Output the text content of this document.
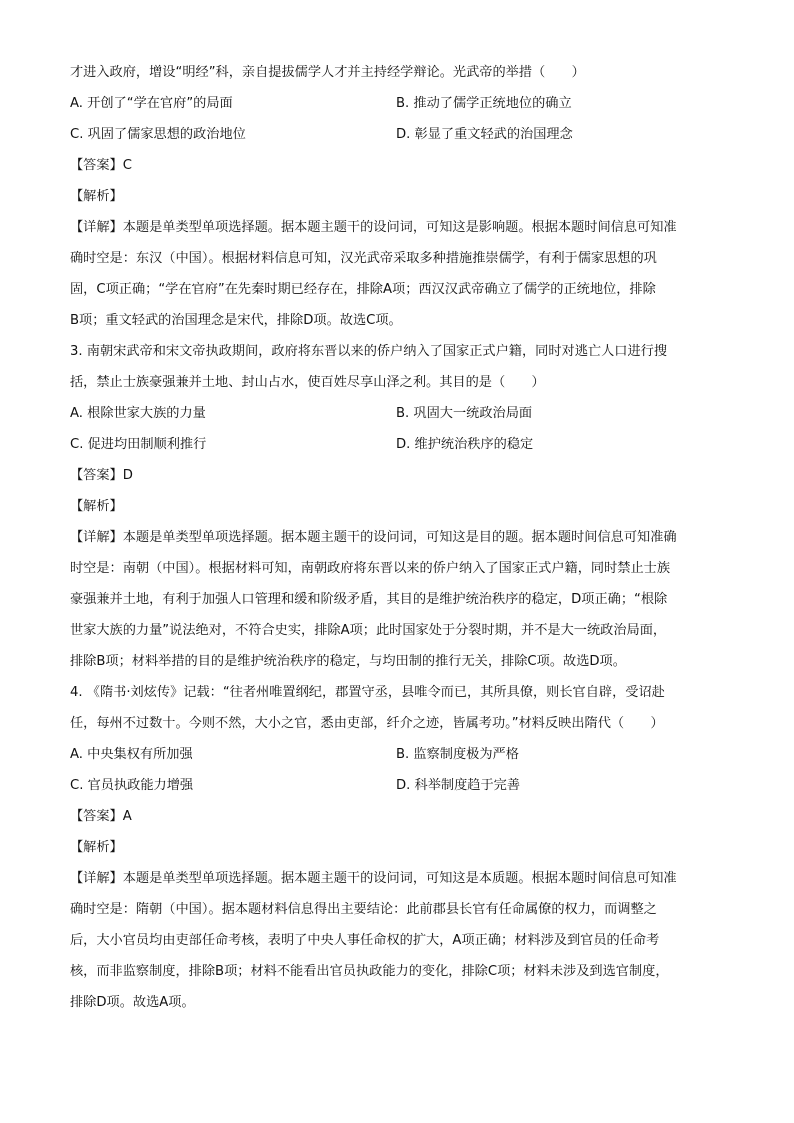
才进入政府，增设“明经”科，亲自提拔儒学人才并主持经学辩论。光武帝的举措（　　）
A. 开创了“学在官府”的局面	B. 推动了儒学正统地位的确立
C. 巩固了儒家思想的政治地位	D. 彰显了重文轻武的治国理念
【答案】C
【解析】
【详解】本题是单类型单项选择题。据本题主题干的设问词，可知这是影响题。根据本题时间信息可知准
确时空是：东汉（中国）。根据材料信息可知，汉光武帝采取多种措施推崇儒学，有利于儒家思想的巩
固，C项正确；“学在官府”在先秦时期已经存在，排除A项；西汉汉武帝确立了儒学的正统地位，排除
B项；重文轻武的治国理念是宋代，排除D项。故选C项。
3. 南朝宋武帝和宋文帝执政期间，政府将东晋以来的侨户纳入了国家正式户籍，同时对逃亡人口进行搜
括，禁止士族豪强兼并土地、封山占水，使百姓尽享山泽之利。其目的是（　　）
A. 根除世家大族的力量	B. 巩固大一统政治局面
C. 促进均田制顺利推行	D. 维护统治秩序的稳定
【答案】D
【解析】
【详解】本题是单类型单项选择题。据本题主题干的设问词，可知这是目的题。据本题时间信息可知准确
时空是：南朝（中国）。根据材料可知，南朝政府将东晋以来的侨户纳入了国家正式户籍，同时禁止士族
豪强兼并土地，有利于加强人口管理和缓和阶级矛盾，其目的是维护统治秩序的稳定，D项正确；“根除
世家大族的力量”说法绝对，不符合史实，排除A项；此时国家处于分裂时期，并不是大一统政治局面，
排除B项；材料举措的目的是维护统治秩序的稳定，与均田制的推行无关，排除C项。故选D项。
4. 《隋书·刘炫传》记载：“往者州唯置纲纪，郡置守丞，县唯令而已，其所具僚，则长官自辟，受诏赴
任，每州不过数十。今则不然，大小之官，悉由吏部，纤介之迹，皆属考功。”材料反映出隋代（　　）
A. 中央集权有所加强	B. 监察制度极为严格
C. 官员执政能力增强	D. 科举制度趋于完善
【答案】A
【解析】
【详解】本题是单类型单项选择题。据本题主题干的设问词，可知这是本质题。根据本题时间信息可知准
确时空是：隋朝（中国）。据本题材料信息得出主要结论：此前郡县长官有任命属僚的权力，而调整之
后，大小官员均由吏部任命考核，表明了中央人事任命权的扩大，A项正确；材料涉及到官员的任命考
核，而非监察制度，排除B项；材料不能看出官员执政能力的变化，排除C项；材料未涉及到选官制度，
排除D项。故选A项。
